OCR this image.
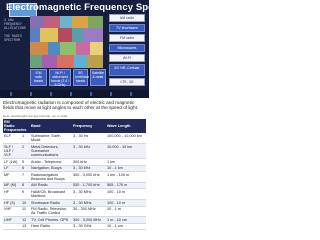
Electromagnetic Frequency Spectrum
3 kHz
FREQUENCY
ALLOCATIONS
THE RADIO
SPECTRUM
AM radio
TV shortwave
FM radio
Microwaves
Wi-Fi
5G NR–Cellular
LTE, 3G
ISM radio
bands
Wi-Fi / unlicensed
bands (2.4 / 5 GHz)
5G mmWave
bands
Satellite
& radar
Electromagnetic radiation is composed of electric and magnetic fields that move at light angles to each other at the speed of light.
Note: wavelengths are approximate; not to scale.
EM Radio Frequencies		Band	Frequency	Wave Length
ELF	1	Submarine, Earth Mode	3 - 30 Hz	100,000 - 10,000 km
SLF / ULF / VLF	2	Metal Detectors, Submarine communications	3 - 30 kHz	10,000 - 10 km
LF (LW)	5	Audio - Telephone	300 kHz	1 km
LF	6	Navigation, Buoys	3 - 30 kHz	10 - 1 km
MF	7	Radionavigation Beacons and Buoys	300 - 3,000 kHz	1 km - 100 m
MF (M)	8	AM Radio	530 - 1,700 kHz	565 - 176 m
HF	9	HAM/CB, Broadcast Maritime	3 - 30 MHz	100 - 10 m
HF (S)	10	Shortwave Radio	3 - 30 MHz	100 - 10 m
VHF	11	FM Radio, Television, Air Traffic Control	30 - 300 MHz	10 - 1 m
UHF	12	TV, Cell Phones, GPS	300 - 3,000 MHz	1 m - 10 cm
	13	Ham Radio	3 - 30 GHz	10 - 1 cm
